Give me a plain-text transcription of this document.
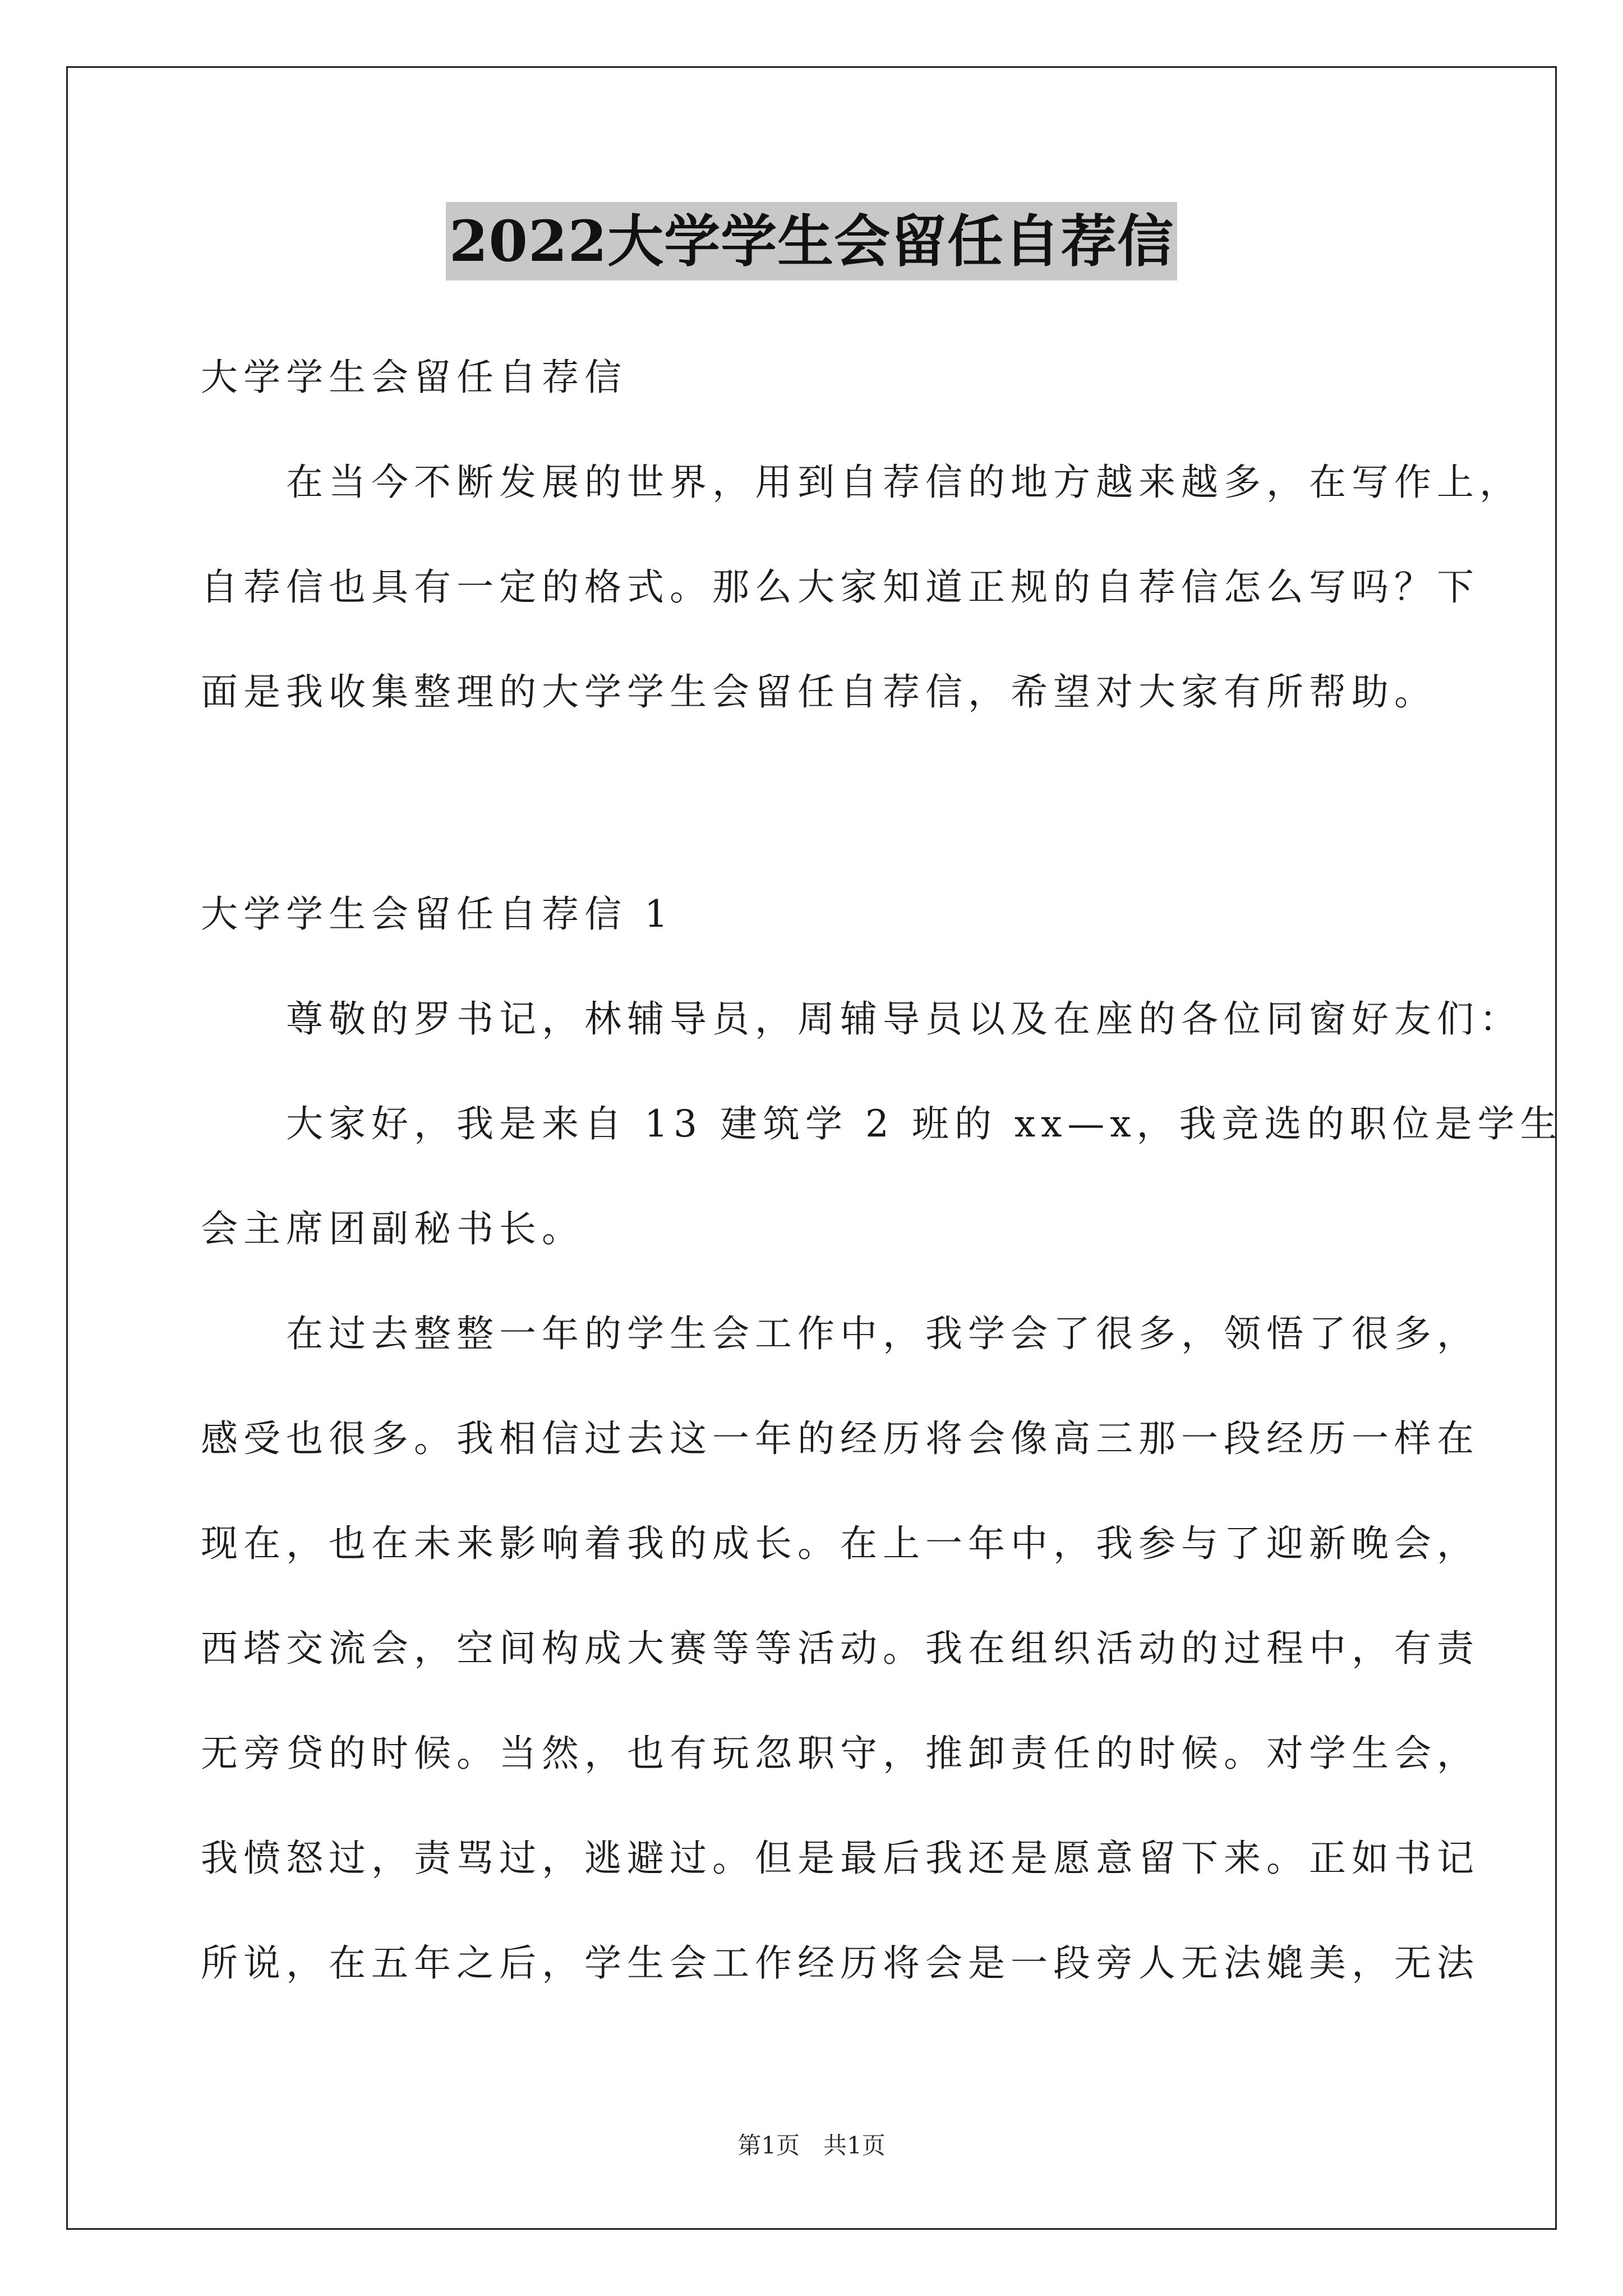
2022大学学生会留任自荐信

大学学生会留任自荐信

　　在当今不断发展的世界，用到自荐信的地方越来越多，在写作上，

自荐信也具有一定的格式。那么大家知道正规的自荐信怎么写吗？下

面是我收集整理的大学学生会留任自荐信，希望对大家有所帮助。

大学学生会留任自荐信 1

　　尊敬的罗书记，林辅导员，周辅导员以及在座的各位同窗好友们：

　　大家好，我是来自 13 建筑学 2 班的 xx—x，我竞选的职位是学生

会主席团副秘书长。

　　在过去整整一年的学生会工作中，我学会了很多，领悟了很多，

感受也很多。我相信过去这一年的经历将会像高三那一段经历一样在

现在，也在未来影响着我的成长。在上一年中，我参与了迎新晚会，

西塔交流会，空间构成大赛等等活动。我在组织活动的过程中，有责

无旁贷的时候。当然，也有玩忽职守，推卸责任的时候。对学生会，

我愤怒过，责骂过，逃避过。但是最后我还是愿意留下来。正如书记

所说，在五年之后，学生会工作经历将会是一段旁人无法媲美，无法

第1页　共1页
